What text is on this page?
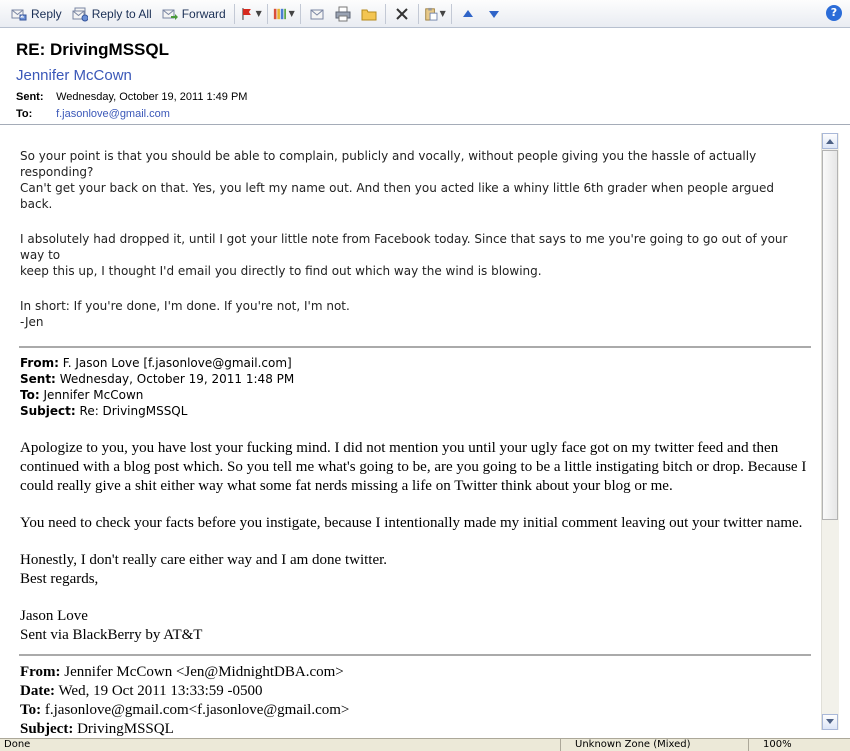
Reply	Reply to All	Forward	▼	▼	▼	?
RE: DrivingMSSQL
Jennifer McCown
Sent: Wednesday, October 19, 2011 1:49 PM
To: f.jasonlove@gmail.com

So your point is that you should be able to complain, publicly and vocally, without people giving you the hassle of actually responding?
Can't get your back on that. Yes, you left my name out. And then you acted like a whiny little 6th grader when people argued back.

I absolutely had dropped it, until I got your little note from Facebook today. Since that says to me you're going to go out of your way to
keep this up, I thought I'd email you directly to find out which way the wind is blowing.

In short: If you're done, I'm done. If you're not, I'm not.
-Jen

From: F. Jason Love [f.jasonlove@gmail.com]
Sent: Wednesday, October 19, 2011 1:48 PM
To: Jennifer McCown
Subject: Re: DrivingMSSQL

Apologize to you, you have lost your fucking mind. I did not mention you until your ugly face got on my twitter feed and then
continued with a blog post which. So you tell me what's going to be, are you going to be a little instigating bitch or drop. Because I
could really give a shit either way what some fat nerds missing a life on Twitter think about your blog or me.

You need to check your facts before you instigate, because I intentionally made my initial comment leaving out your twitter name.

Honestly, I don't really care either way and I am done twitter.
Best regards,

Jason Love
Sent via BlackBerry by AT&T

From: Jennifer McCown <Jen@MidnightDBA.com>
Date: Wed, 19 Oct 2011 13:33:59 -0500
To: f.jasonlove@gmail.com<f.jasonlove@gmail.com>
Subject: DrivingMSSQL
Done	Unknown Zone (Mixed)	100%
